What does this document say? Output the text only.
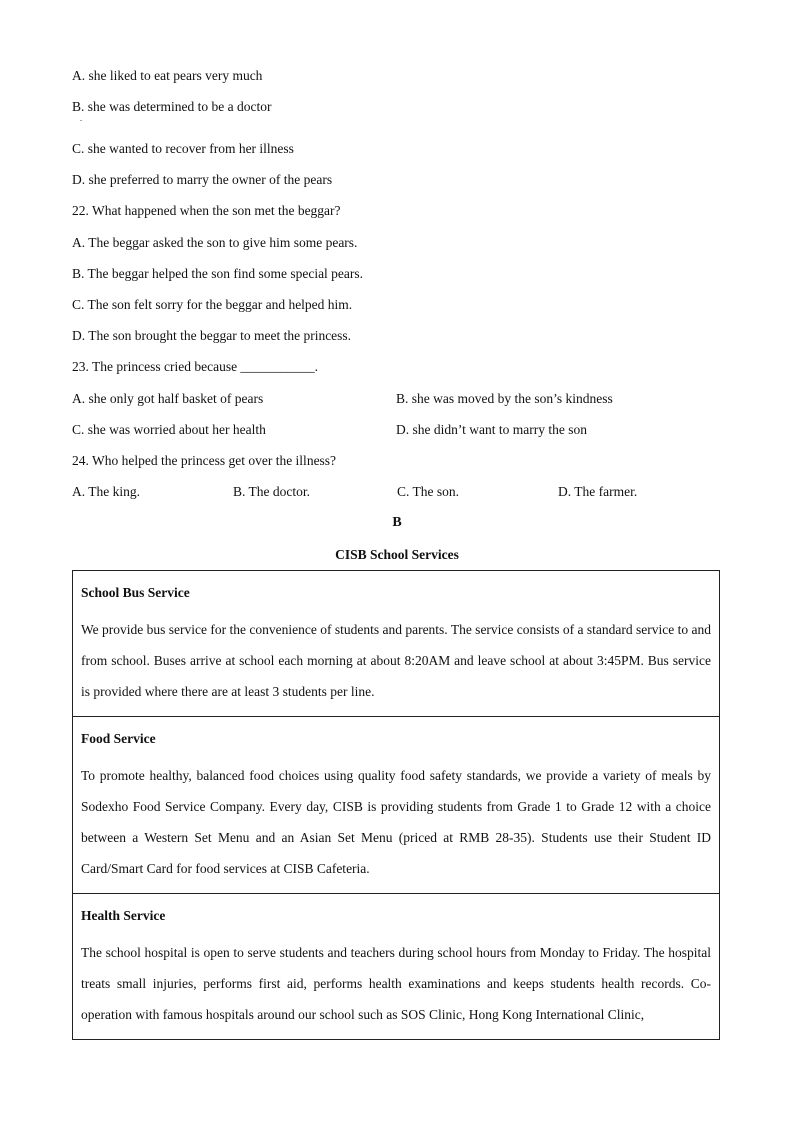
A. she liked to eat pears very much
B. she was determined to be a doctor
.
C. she wanted to recover from her illness
D. she preferred to marry the owner of the pears
22. What happened when the son met the beggar?
A. The beggar asked the son to give him some pears.
B. The beggar helped the son find some special pears.
C. The son felt sorry for the beggar and helped him.
D. The son brought the beggar to meet the princess.
23. The princess cried because ___________.
A. she only got half basket of pears	B. she was moved by the son’s kindness
C. she was worried about her health	D. she didn’t want to marry the son
24. Who helped the princess get over the illness?
A. The king.	B. The doctor.	C. The son.	D. The farmer.
B
CISB School Services
School Bus Service

We provide bus service for the convenience of students and parents. The service consists of a standard service to and from school. Buses arrive at school each morning at about 8:20AM and leave school at about 3:45PM. Bus service is provided where there are at least 3 students per line.

Food Service

To promote healthy, balanced food choices using quality food safety standards, we provide a variety of meals by Sodexho Food Service Company. Every day, CISB is providing students from Grade 1 to Grade 12 with a choice between a Western Set Menu and an Asian Set Menu (priced at RMB 28-35). Students use their Student ID Card/Smart Card for food services at CISB Cafeteria.

Health Service

The school hospital is open to serve students and teachers during school hours from Monday to Friday. The hospital treats small injuries, performs first aid, performs health examinations and keeps students health records. Co-operation with famous hospitals around our school such as SOS Clinic, Hong Kong International Clinic,
